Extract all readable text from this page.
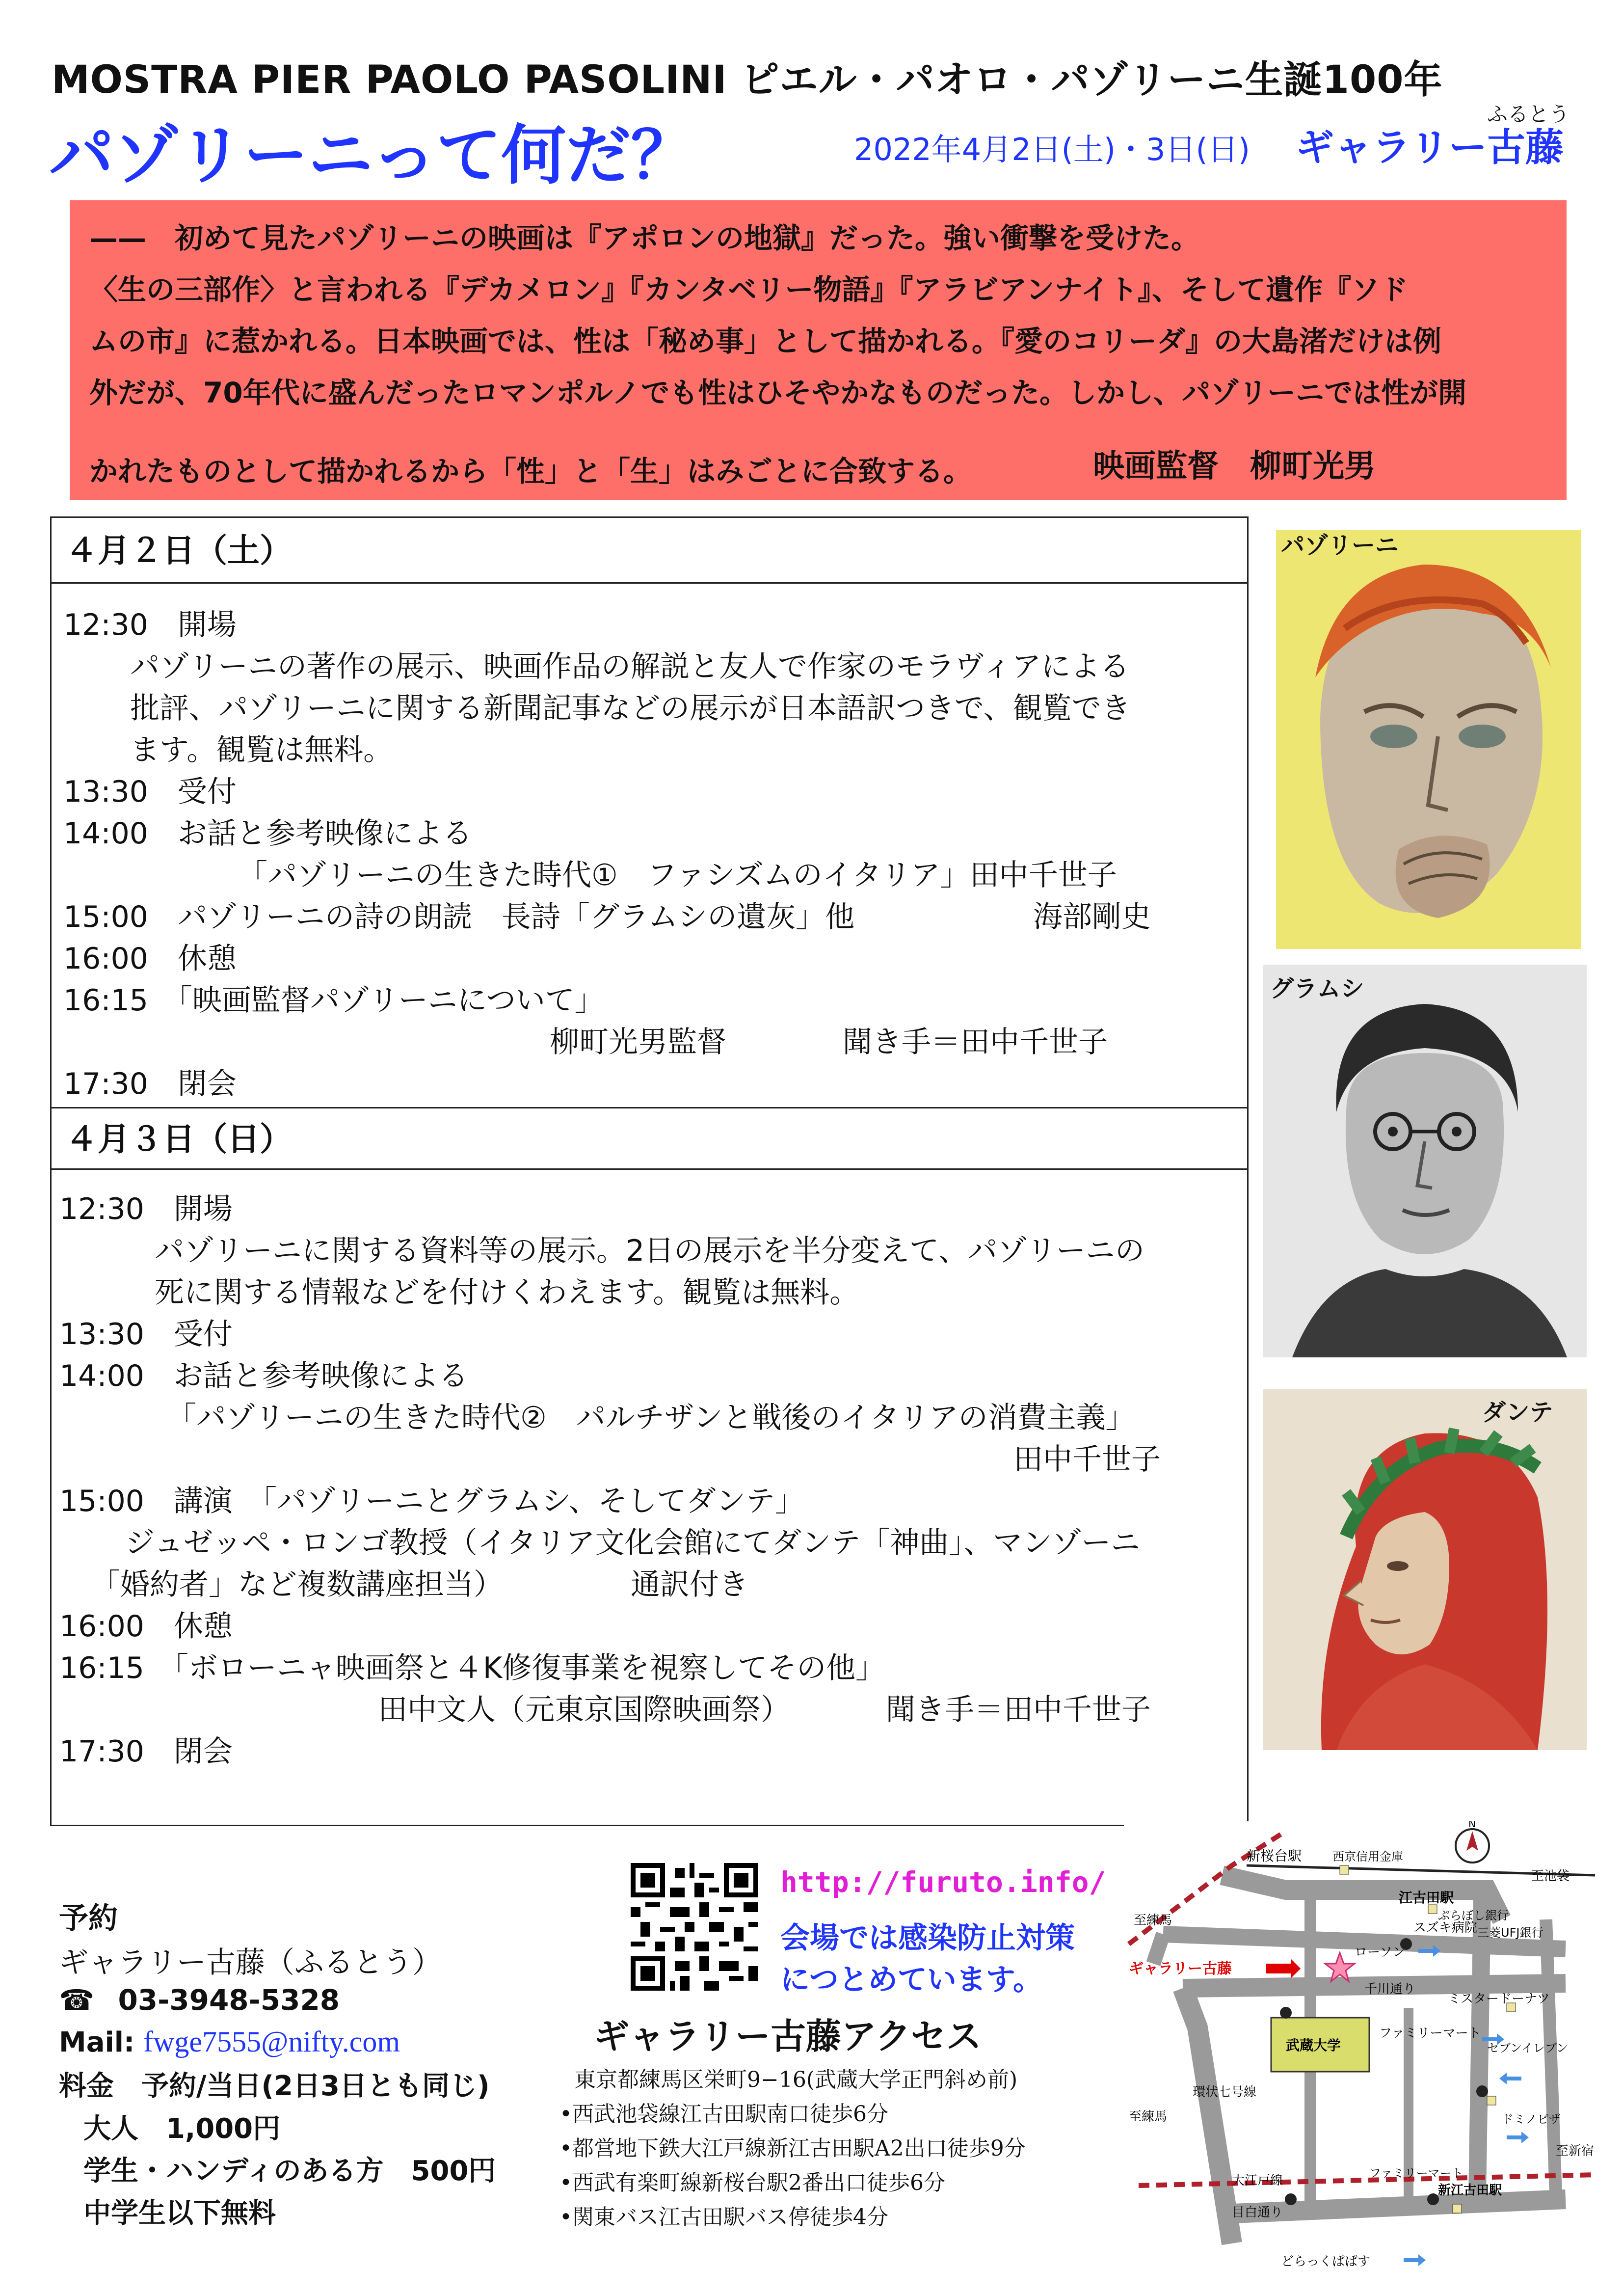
MOSTRA PIER PAOLO PASOLINI ピエル・パオロ・パゾリーニ生誕100年
パゾリーニって何だ？	2022年4月2日(土)・3日(日)
ふるとう
ギャラリー古藤
——　初めて見たパゾリーニの映画は『アポロンの地獄』だった。強い衝撃を受けた。
〈生の三部作〉と言われる『デカメロン』『カンタベリー物語』『アラビアンナイト』、そして遺作『ソド
ムの市』に惹かれる。日本映画では、性は「秘め事」として描かれる。『愛のコリーダ』の大島渚だけは例
外だが、70年代に盛んだったロマンポルノでも性はひそやかなものだった。しかし、パゾリーニでは性が開
かれたものとして描かれるから「性」と「生」はみごとに合致する。	映画監督　柳町光男
４月２日（土）
12:30　開場
パゾリーニの著作の展示、映画作品の解説と友人で作家のモラヴィアによる
批評、パゾリーニに関する新聞記事などの展示が日本語訳つきで、観覧でき
ます。観覧は無料。
13:30　受付
14:00　お話と参考映像による
「パゾリーニの生きた時代①　ファシズムのイタリア」田中千世子
15:00　パゾリーニの詩の朗読　長詩「グラムシの遺灰」他	海部剛史
16:00　休憩
16:15　「映画監督パゾリーニについて」
柳町光男監督	聞き手＝田中千世子
17:30　閉会
４月３日（日）
12:30　開場
パゾリーニに関する資料等の展示。2日の展示を半分変えて、パゾリーニの
死に関する情報などを付けくわえます。観覧は無料。
13:30　受付
14:00　お話と参考映像による
「パゾリーニの生きた時代②　パルチザンと戦後のイタリアの消費主義」
田中千世子
15:00　講演　「パゾリーニとグラムシ、そしてダンテ」
ジュゼッペ・ロンゴ教授（イタリア文化会館にてダンテ「神曲」、マンゾーニ
「婚約者」など複数講座担当）	通訳付き
16:00　休憩
16:15　「ボローニャ映画祭と４K修復事業を視察してその他」
田中文人（元東京国際映画祭）	聞き手＝田中千世子
17:30　閉会
パゾリーニ
グラムシ
ダンテ
予約
ギャラリー古藤（ふるとう）
☎ 03-3948-5328
Mail: fwge7555@nifty.com
料金　予約/当日(2日3日とも同じ)
大人　1,000円
学生・ハンディのある方　500円
中学生以下無料
http://furuto.info/
会場では感染防止対策
につとめています。
ギャラリー古藤アクセス
東京都練馬区栄町9−16(武蔵大学正門斜め前)
•西武池袋線江古田駅南口徒歩6分
•都営地下鉄大江戸線新江古田駅A2出口徒歩9分
•西武有楽町線新桜台駅2番出口徒歩6分
•関東バス江古田駅バス停徒歩4分
新桜台駅	西京信用金庫
N
至池袋
江古田駅
至練馬
ギャラリー古藤
ローソン
スズキ病院
ぷらぼし銀行
三菱UFJ銀行
千川通り
ミスタードーナツ
武蔵大学
ファミリーマート
セブンイレブン
環状七号線
ドミノピザ
至練馬
大江戸線	ファミリーマート
目白通り
新江古田駅
至新宿
どらっくぱぱす
